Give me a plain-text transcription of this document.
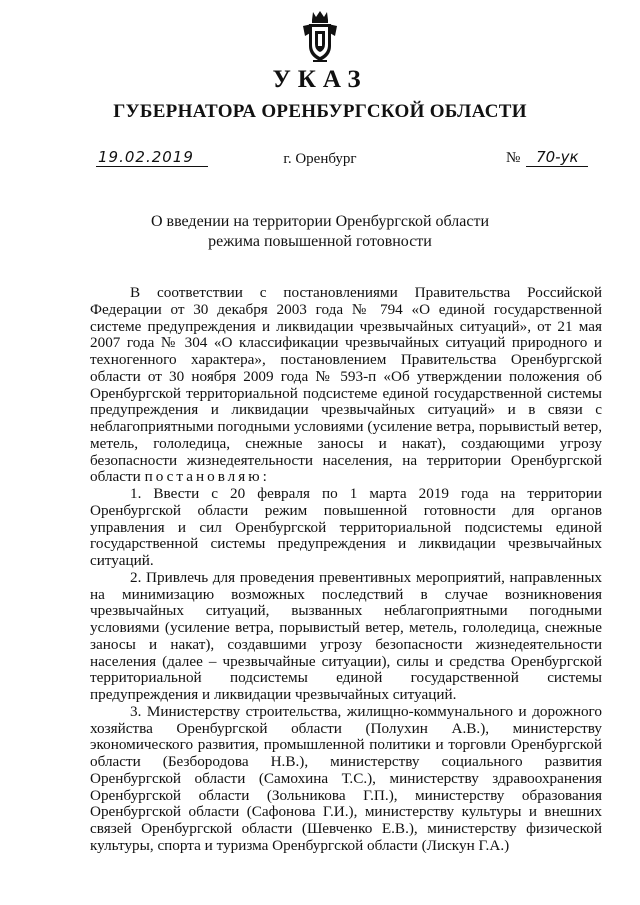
УКАЗ
ГУБЕРНАТОРА ОРЕНБУРГСКОЙ ОБЛАСТИ
19.02.2019	г. Оренбург	№	70-ук
О введении на территории Оренбургской области
режима повышенной готовности

В соответствии с постановлениями Правительства Российской Федерации от 30 декабря 2003 года № 794 «О единой государственной системе предупреждения и ликвидации чрезвычайных ситуаций», от 21 мая 2007 года № 304 «О классификации чрезвычайных ситуаций природного и техногенного характера», постановлением Правительства Оренбургской области от 30 ноября 2009 года № 593-п «Об утверждении положения об Оренбургской территориальной подсистеме единой государственной системы предупреждения и ликвидации чрезвычайных ситуаций» и в связи с неблагоприятными погодными условиями (усиление ветра, порывистый ветер, метель, гололедица, снежные заносы и накат), создающими угрозу безопасности жизнедеятельности населения, на территории Оренбургской области постановляю:

1. Ввести с 20 февраля по 1 марта 2019 года на территории Оренбургской области режим повышенной готовности для органов управления и сил Оренбургской территориальной подсистемы единой государственной системы предупреждения и ликвидации чрезвычайных ситуаций.

2. Привлечь для проведения превентивных мероприятий, направленных на минимизацию возможных последствий в случае возникновения чрезвычайных ситуаций, вызванных неблагоприятными погодными условиями (усиление ветра, порывистый ветер, метель, гололедица, снежные заносы и накат), создавшими угрозу безопасности жизнедеятельности населения (далее – чрезвычайные ситуации), силы и средства Оренбургской территориальной подсистемы единой государственной системы предупреждения и ликвидации чрезвычайных ситуаций.

3. Министерству строительства, жилищно-коммунального и дорожного хозяйства Оренбургской области (Полухин А.В.), министерству экономического развития, промышленной политики и торговли Оренбургской области (Безбородова Н.В.), министерству социального развития Оренбургской области (Самохина Т.С.), министерству здравоохранения Оренбургской области (Зольникова Г.П.), министерству образования Оренбургской области (Сафонова Г.И.), министерству культуры и внешних связей Оренбургской области (Шевченко Е.В.), министерству физической культуры, спорта и туризма Оренбургской области (Лискун Г.А.)
